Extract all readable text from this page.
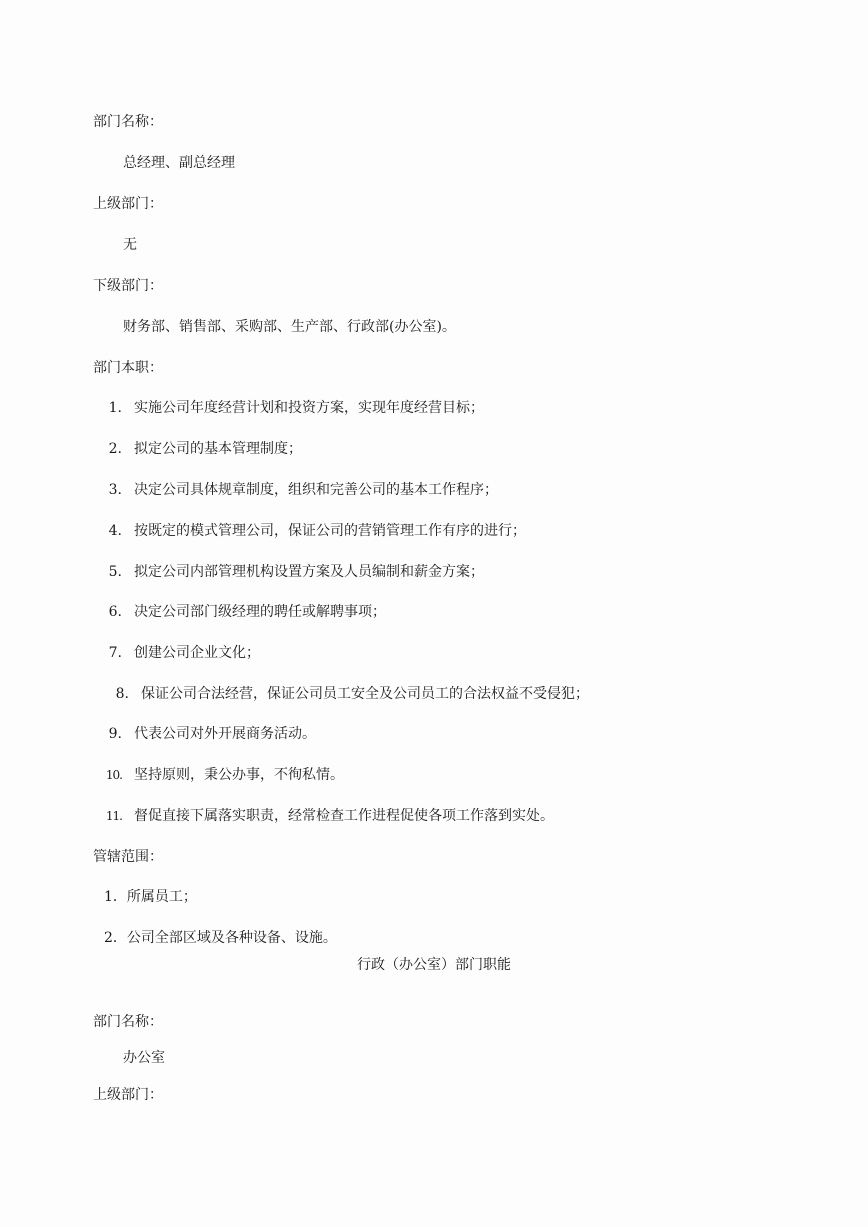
部门名称：
总经理、副总经理
上级部门：
无
下级部门：
财务部、销售部、采购部、生产部、行政部(办公室)。
部门本职：
1. 实施公司年度经营计划和投资方案，实现年度经营目标；
2. 拟定公司的基本管理制度；
3. 决定公司具体规章制度，组织和完善公司的基本工作程序；
4. 按既定的模式管理公司，保证公司的营销管理工作有序的进行；
5. 拟定公司内部管理机构设置方案及人员编制和薪金方案；
6. 决定公司部门级经理的聘任或解聘事项；
7. 创建公司企业文化；
8. 保证公司合法经营，保证公司员工安全及公司员工的合法权益不受侵犯；
9. 代表公司对外开展商务活动。
10. 坚持原则，秉公办事，不徇私情。
11. 督促直接下属落实职责，经常检查工作进程促使各项工作落到实处。
管辖范围：
1．所属员工；
2．公司全部区域及各种设备、设施。
行政（办公室）部门职能
部门名称：
办公室
上级部门：
